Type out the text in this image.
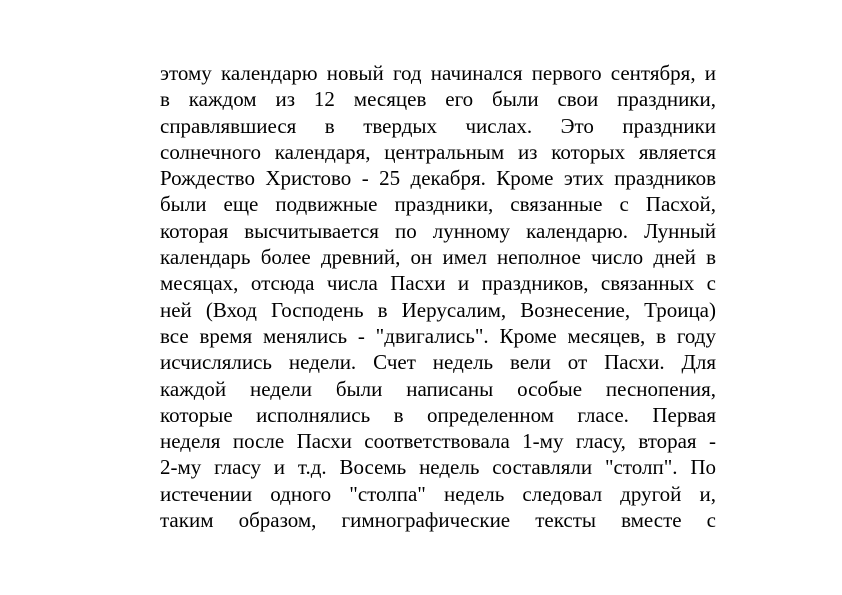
этому календарю новый год начинался первого сентября, и
в каждом из 12 месяцев его были свои праздники,
справлявшиеся в твердых числах. Это праздники
солнечного календаря, центральным из которых является
Рождество Христово - 25 декабря. Кроме этих праздников
были еще подвижные праздники, связанные с Пасхой,
которая высчитывается по лунному календарю. Лунный
календарь более древний, он имел неполное число дней в
месяцах, отсюда числа Пасхи и праздников, связанных с
ней (Вход Господень в Иерусалим, Вознесение, Троица)
все время менялись - "двигались". Кроме месяцев, в году
исчислялись недели. Счет недель вели от Пасхи. Для
каждой недели были написаны особые песнопения,
которые исполнялись в определенном гласе. Первая
неделя после Пасхи соответствовала 1-му гласу, вторая -
2-му гласу и т.д. Восемь недель составляли "столп". По
истечении одного "столпа" недель следовал другой и,
таким образом, гимнографические тексты вместе с
